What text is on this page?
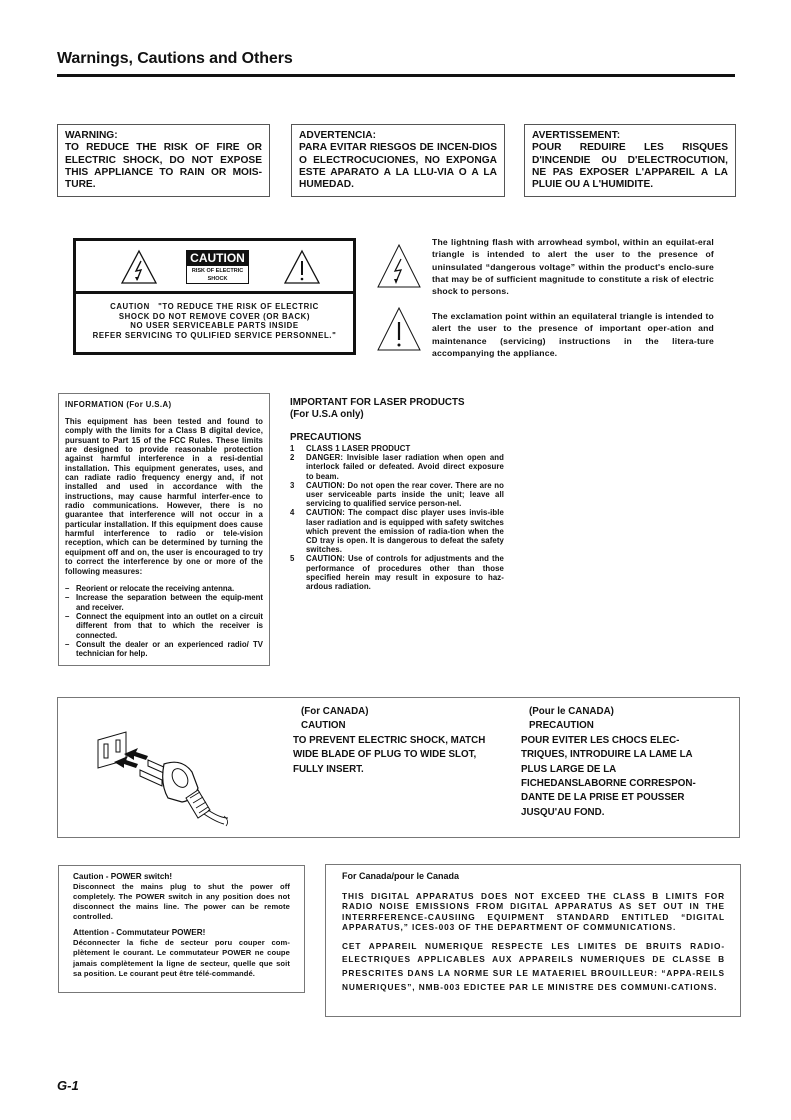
Warnings, Cautions and Others
WARNING:
TO REDUCE THE RISK OF FIRE OR ELECTRIC SHOCK, DO NOT EXPOSE THIS APPLIANCE TO RAIN OR MOIS-TURE.
ADVERTENCIA:
PARA EVITAR RIESGOS DE INCEN-DIOS O ELECTROCUCIONES, NO EXPONGA ESTE APARATO A LA LLU-VIA O A LA HUMEDAD.
AVERTISSEMENT:
POUR REDUIRE LES RISQUES D'INCENDIE OU D'ELECTROCUTION, NE PAS EXPOSER L'APPAREIL A LA PLUIE OU A L'HUMIDITE.
CAUTION
RISK OF ELECTRIC
SHOCK
CAUTION   "TO REDUCE THE RISK OF ELECTRIC
SHOCK DO NOT REMOVE COVER (OR BACK)
NO USER SERVICEABLE PARTS INSIDE
REFER SERVICING TO QULIFIED SERVICE PERSONNEL."
The lightning flash with arrowhead symbol, within an equilat-eral triangle is intended to alert the user to the presence of uninsulated “dangerous voltage” within the product's enclo-sure that may be of sufficient magnitude to constitute a risk of electric shock to persons.
The exclamation point within an equilateral triangle is intended to alert the user to the presence of important oper-ation and maintenance (servicing) instructions in the litera-ture accompanying the appliance.
INFORMATION (For U.S.A)

This equipment has been tested and found to comply with the limits for a Class B digital device, pursuant to Part 15 of the FCC Rules. These limits are designed to provide reasonable protection against harmful interference in a resi-dential installation. This equipment generates, uses, and can radiate radio frequency energy and, if not installed and used in accordance with the instructions, may cause harmful interfer-ence to radio communications. However, there is no guarantee that interference will not occur in a particular installation. If this equipment does cause harmful interference to radio or tele-vision reception, which can be determined by turning the equipment off and on, the user is encouraged to try to correct the interference by one or more of the following measures:

– Reorient or relocate the receiving antenna.
– Increase the separation between the equip-ment and receiver.
– Connect the equipment into an outlet on a circuit different from that to which the receiver is connected.
– Consult the dealer or an experienced radio/ TV technician for help.
IMPORTANT FOR LASER PRODUCTS
(For U.S.A only)
PRECAUTIONS
1 CLASS 1 LASER PRODUCT
2 DANGER: Invisible laser radiation when open and interlock failed or defeated. Avoid direct exposure to beam.
3 CAUTION: Do not open the rear cover. There are no user serviceable parts inside the unit; leave all servicing to qualified service person-nel.
4 CAUTION: The compact disc player uses invis-ible laser radiation and is equipped with safety switches which prevent the emission of radia-tion when the CD tray is open. It is dangerous to defeat the safety switches.
5 CAUTION: Use of controls for adjustments and the performance of procedures other than those specified herein may result in exposure to haz-ardous radiation.
(For CANADA)
CAUTION
TO PREVENT ELECTRIC SHOCK, MATCH WIDE BLADE OF PLUG TO WIDE SLOT, FULLY INSERT.
(Pour le CANADA)
PRECAUTION
POUR EVITER LES CHOCS ELEC-TRIQUES, INTRODUIRE LA LAME LA PLUS LARGE DE LA FICHEDANSLABORNE CORRESPON-DANTE DE LA PRISE ET POUSSER JUSQU'AU FOND.
Caution - POWER switch!

Disconnect the mains plug to shut the power off completely. The POWER switch in any position does not disconnect the mains line. The power can be remote controlled.

Attention - Commutateur POWER!

Déconnecter la fiche de secteur poru couper com-plètement le courant. Le commutateur POWER ne coupe jamais complètement la ligne de secteur, quelle que soit sa position. Le courant peut être télé-commandé.

For Canada/pour le Canada

THIS DIGITAL APPARATUS DOES NOT EXCEED THE CLASS B LIMITS FOR RADIO NOISE EMISSIONS FROM DIGITAL APPARATUS AS SET OUT IN THE INTERRFERENCE-CAUSIING EQUIPMENT STANDARD ENTITLED “DIGITAL APPARATUS,” ICES-003 OF THE DEPARTMENT OF COMMUNICATIONS.

CET APPAREIL NUMERIQUE RESPECTE LES LIMITES DE BRUITS RADIO-ELECTRIQUES APPLICABLES AUX APPAREILS NUMERIQUES DE CLASSE B PRESCRITES DANS LA NORME SUR LE MATAERIEL BROUILLEUR: “APPA-REILS NUMERIQUES”, NMB-003 EDICTEE PAR LE MINISTRE DES COMMUNI-CATIONS.

G-1
